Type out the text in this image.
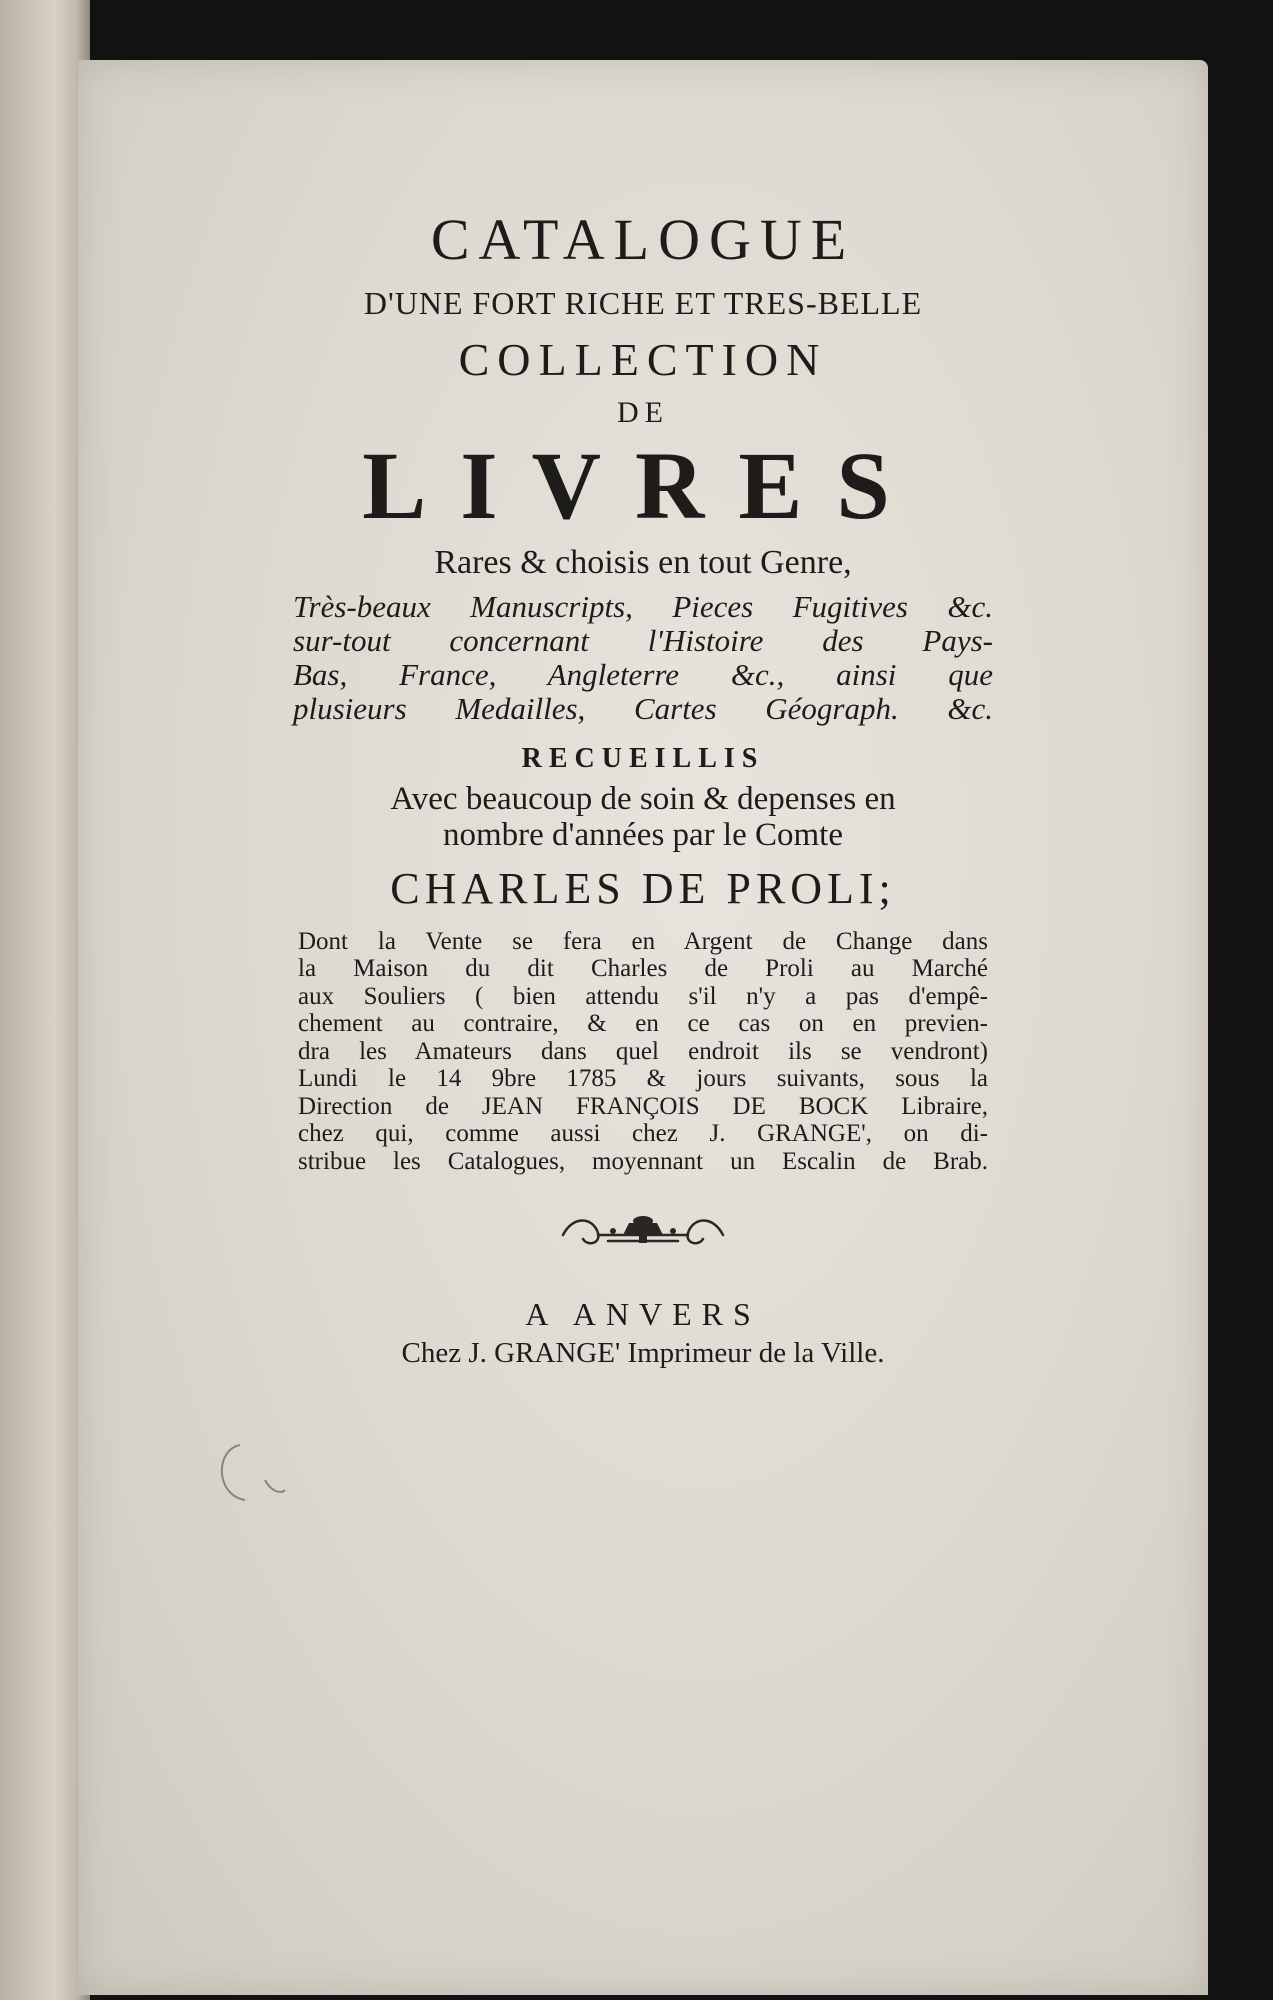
CATALOGUE
D'UNE FORT RICHE ET TRES-BELLE
COLLECTION
DE
LIVRES
Rares & choisis en tout Genre,
Très-beaux Manuscripts, Pieces Fugitives &c.
sur-tout concernant l'Histoire des Pays-
Bas, France, Angleterre &c., ainsi que
plusieurs Medailles, Cartes Géograph. &c.
RECUEILLIS
Avec beaucoup de soin & depenses en
nombre d'années par le Comte
CHARLES DE PROLI;
Dont la Vente se fera en Argent de Change dans
la Maison du dit Charles de Proli au Marché
aux Souliers ( bien attendu s'il n'y a pas d'empê-
chement au contraire, & en ce cas on en previen-
dra les Amateurs dans quel endroit ils se vendront)
Lundi le 14 9bre 1785 & jours suivants, sous la
Direction de JEAN FRANÇOIS DE BOCK Libraire,
chez qui, comme aussi chez J. GRANGE', on di-
stribue les Catalogues, moyennant un Escalin de Brab.
A ANVERS
Chez J. GRANGE' Imprimeur de la Ville.
